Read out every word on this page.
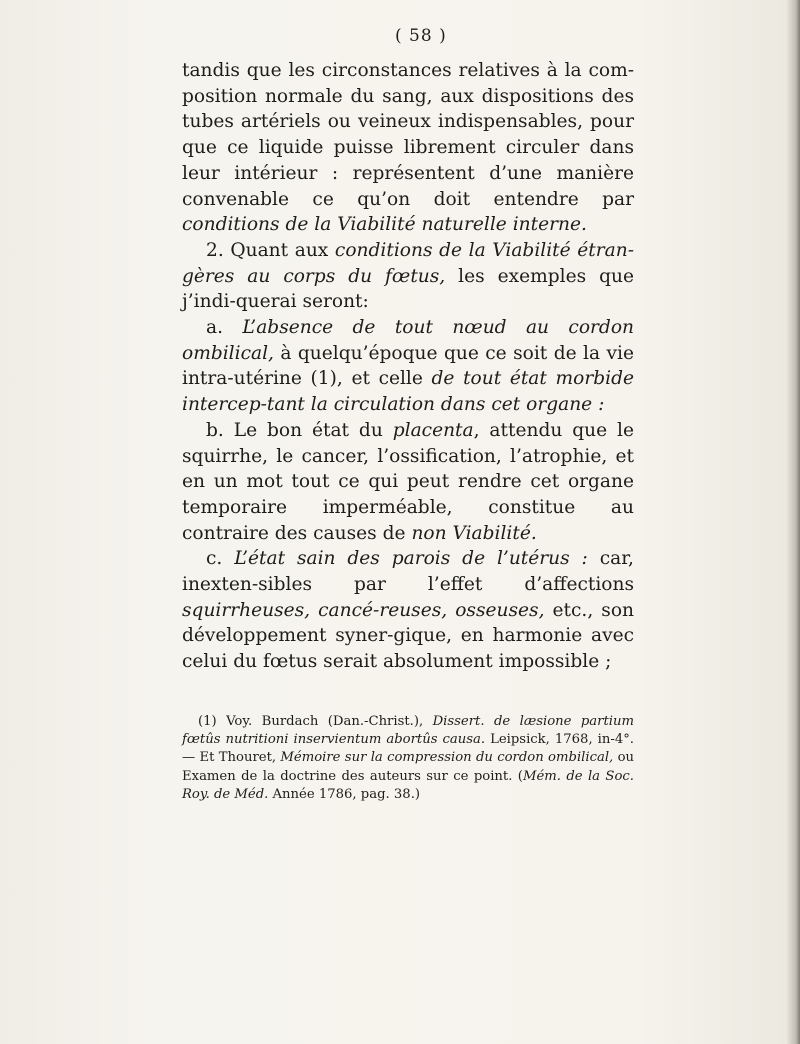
( 58 )

tandis que les circonstances relatives à la com-position normale du sang, aux dispositions des tubes artériels ou veineux indispensables, pour que ce liquide puisse librement circuler dans leur intérieur : représentent d’une manière convenable ce qu’on doit entendre par conditions de la Viabilité naturelle interne.

2. Quant aux conditions de la Viabilité étran-gères au corps du fœtus, les exemples que j’indi-querai seront:

a. L’absence de tout nœud au cordon ombilical, à quelqu’époque que ce soit de la vie intra-utérine (1), et celle de tout état morbide intercep-tant la circulation dans cet organe :

b. Le bon état du placenta, attendu que le squirrhe, le cancer, l’ossification, l’atrophie, et en un mot tout ce qui peut rendre cet organe temporaire imperméable, constitue au contraire des causes de non Viabilité.

c. L’état sain des parois de l’utérus : car, inexten-sibles par l’effet d’affections squirrheuses, cancé-reuses, osseuses, etc., son développement syner-gique, en harmonie avec celui du fœtus serait absolument impossible ;

(1) Voy. Burdach (Dan.-Christ.), Dissert. de læsione partium fœtûs nutritioni inservientum abortûs causa. Leipsick, 1768, in-4°. — Et Thouret, Mémoire sur la compression du cordon ombilical, ou Examen de la doctrine des auteurs sur ce point. (Mém. de la Soc. Roy. de Méd. Année 1786, pag. 38.)
